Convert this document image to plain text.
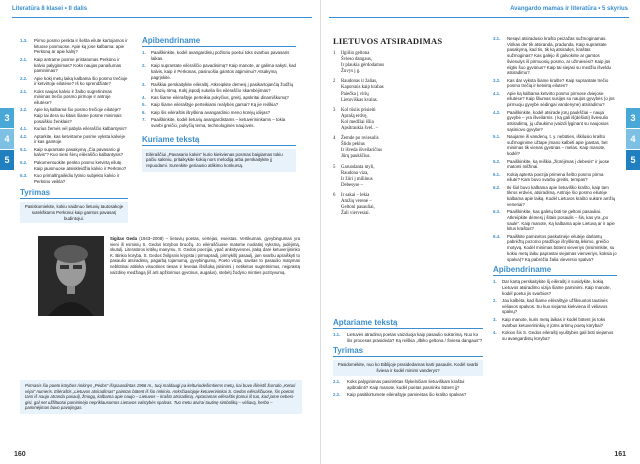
Literatūra 8 klasei • II dalis
3
4
5
1.3.	Pirmo posmo penkta ir šešta eilute kartojamos ir kituose posmuose. Apie ką jose kalbama: apie Perkūną ar apie kalnį?
2.1.	Kaip antrame posme pristatomas Perkūno ir kalvio palyginimas? Koks naujas panašumas paminimas?
2.2.	Apie kokį metų laiką kalbama šio posmo trečioje ir ketvirtoje eilutėse? Iš ko sprendžiate?
3.1.	Koks naujas kalvio ir žaibo sugretinimas minimas trečio posmo pirmoje ir antroje eilutėse?
3.2.	Apie ką kalbama šio posmo trečioje eilutėje? Kaip tai dera su kitais šiame posme minimais posaiškio ženklais?
4.1.	Kurius žemės vėl pabyla eilėraščio kalbantysis?
4.2.	Aptarkite, kas ketvirtame posme vyksta kalvėje ir kas gamtoje.
5.1.	Kaip suprantate pasakymą „Čia pavasario gi kalvis“? Kuo sieni šėrų eilėraščio kalbantysis?
5.2.	Pakomentuokite penkto posmo ketvirtą eilutę. Kaip jausmuose atsiskleidžia kalvio ir Perkūno?
5.3.	Kuo primalti'gailėdiu lytinio subjekto kalvio ir Perkūno veikla?
Tyrimas
Pasiskomiekite, kokiu vaidmuo lietuvių tautosakoje sutekškams Perkūnui kaip gamtos pavasarį budintojui.
Apibendriname
1.	Paaiškinkite, kodėl avangardinių požiūriu poetui toks svarbus pavasaris laikas.
2.	Kaip suprantate eilėraščio pavadinimą? Kaip manote, ar galima sakyti, kad kalvis, kaip ir Perkūnas, pasiruošia gamtos atgimimui? Atsakymą pagrįskite.
3.	Raiškiai perskaitykite eilėraštį. Atkreipkite dėmesį į pasikartojančią žodžių ir frazių ritmą. Kokį įspūdį sukelia šis eilėraščio skambėjimas?
4.	Kas šiame eilėraštyje perteikia pokyčius, greitį, apskritai dinamiškumą?
5.	Kaip šiame eilėraštyje perteikiami realybės garsai? Ką jie reiškia?
6.	Kaip šis eilėraštis išryškina avangardinio meno kūrėjų idėjas?
7.	Paaiškinkite, kodėl lietuvių avangardistams – ketuverininkams – tokia svarbi greičio, pokyčių tema, technologinės naujovės.
Kuriame tekstą
Eilėraščiui „Pavasario kalvis“ kurio kiekvienas posmas baigiamas tokiu pačiu sakiniu, pritaikykite kokią nors melodiją arba perskaitykite jį repuodami. Surenkite geriausio atlikimo konkursą.

Sigitas Geda (1943–2008) – lietuvių poetas, vertėjas, eseistas. Vertikumas, gyvybingumas yra vieni iš esminių S. Gedos kūrybos bruožų. Jo eilėraščiuose matome nuolatinį vyksmą, judėjimą, skutulį. Literatūros kritikų manymu, S. Gedos poezijai, ypač ankstyvesnei, įtaką darė ketuverijininko K. Binkio kūryba. S. Gedos žvilgsnis krypsta į pirmapradį, pirmykštį pasaulį, jam svarbu apraiškyti to pasaulio atsiradimą, pagarbą tojamumą, gyvybingumą. Poeto vizija, savitas to pasaulio matymas neblūtinai atitinka visuotines tiesas ir leveiaa išsišoką įsitiinimi į netikėtus sugretinimus, neįprastą vaizdinę medžiagą (iš arti apžiūrimus gyvūnus, augalus), stebėtį žodyno minties pozityvumą.

Pirmasis šio poeto kūrybos rinkinys „Pėdos“ išspausdintas 1966 m., tuoj maldaugi pa kelturiodešimtiems metų, kai buvo išleistš žurnalo „Keturi vėjai“ numeris. Eilėraštis „Lietuvos atsiradimas“ paimtas būtent iš šio rinkinio. Anksčiasiojoje ketuverininkai S. Gedos eilėraščiuose, šis poetas tarsi iš naujo atranda pasaulį, žmogų, kalbama apie naujo – Lietuvos – krašto atsiradimą. Aptariamas eilėraštis jtomui iš tuo, kad jame nebesi-gisi, gal net užfiltuotai pamininėjo nepriklausomos Lietuvos valstybės spalvas. Tuo metu atvirai tautinę simboliką – vėliavą, herbo – paminėjimas buvo pavojingas.
160
Avangardo mamas ir literatūra • 5 skyrius
3
4
5
LIETUVOS ATSIRADIMAS
1	Ilgiilio geltona
Švieso dangaus,
Ir plaukia gėrdodamos
Žuvys į g.
2	Raudonas ir žalias,
Kaporsnis kaip krabas
Paiečka į virių
Lietuviškas kvalas.
3	Kol rūsiis prisieiti
Aprašą erdvę,
Kol medžiai išlia
Apsitraukia švel.. –
4	Žemde po nviesulis
Šlido peklus
Ir išveda išveilaričius
Jūrų paukščius.
5	Garuodanta myli,
Raudona viza,
Ir žiiri į miliinus
Debesyse –
6	Ir sakai – lekia
Amžių verenė –
Geltoni pasauliai,
Žali viervesiai.
Aptariame tekstą
1.1.	Lietuvės atradimą poetas vaizduoja kaip pasaulio sukūrimą. Nuo ko šis procesas prasideda? Ką reiškia „Ilbiko geltona / Šviesa dangaus“?
Tyrimas
Pasidomėkite, nuo ko Biblijoje prasidedamas karti pasaulis. Kodėl svarbi šviesa ir kodėl minimi vanderys?
2.1.	Koks palyginimas pasirinktas šlykelnčiam lietuviškam kraštui apibūdinti? Kaip manote, kodėl poetas pasirinko būtent jį?
2.2.	Kaip pasitikirtumete eilėraštyje paminėtas šio krašto spalvas?
3.1.	Nesąvi atsiradusio krašto peizažas sužmoginamas. Virikas der tik atsiranda, pradunda. Kaip suprantate pasakymą, kad tis, tik ką atsiradęs, kraštas sužmoginas? Kas galėjo iš galvokrite ar gamtos šviesulys iš pirmuosių posmo, ar užmiesėsi? Kaip jūs elgtis šuo gyvūnus? Kaip tai siejasi su medžiu išveldu atsiradimu?
3.2.	Kas dar vyksta šiame krašte? Kaip suprantate trečio posmo trečią ir ketvirtą eilutes?
4.1.	Apie ką kalbama ketvirto posmo pirmose dviejose eilutėse? Kaip šliumas susijęs su naujos gyvybės (o jūs pirmuoju gyvybė sėdingai vandenyne) atsiradimu?
4.2.	Paaiškinkite, kodėl atsirade jūrų paukščiai – nauja gyvybė – yra išveilarnis. Į ką gali iš(dėšioti) šviesulio atsiradimą, jų užaukimo įvaizdi lyginant su naujosios sąsiniovo gyvybe?
5.1.	Naujame iš vandenų, t. y. nebūties, iškilusio krašto sužmoginime užtape įmano kalbėti apie įpastas, bet minimas tik vienas gyvūnas – melas. Kaip manote, kodėl?
5.2.	Paaiškinkite, ką reiškia „žiūrėjimas į debesis“ ir juose matomi milžinai.
6.1.	Kokią apterta poezija primena šešto posmo pirma eilutė? Kam buvo svarbu greitis, tempas?
6.2.	Iki šiol buvo kalbama apie lietuviško krašto, kaip tam tikros erdvės, atsiradimą. Antroje šio posmo eilutėje kalbama apie laiką. Kodėl Lietuvos krašto sukūrė amžių veneriai?
6.3.	Paaiškinkite, kas galėtų būti tie geltoni pasauliai. Atkreipkite dėmesį į šitais posaulis – šis, kas yra „po saule“. Kaip manote, Ką kalbama apie Lietuvą ar ir apie kitus kraštus?
6.4.	Paaiškite paminėtos paskutinėje eilutėje darlantų pabrėžtų pozomo pradžioje išryškintą lėkimo, greičio motyvą. Kodėl minimas būtent vieveriys (nisiminkite, su kokiu metų laiku paprastai siejamas vienveriys, koksia jo spalva)? Ką pabrėžia žalia vieversio spalva?
Apibendriname
1.	Dar kartą perskaitykite šį eilėraštį ir susidykite, kokią Lietuvos atsiradimo vizija šiame paminimi. Kaip manote, kodėl poetui jis svarbios?
2.	Jau kalbėta, kad šiame eilėraštyje užfiksuotos tautinės vėliavos spalvos. Su kuo siejama kiekviena iš vėliavos spalvų?
3.	Kaip manote, kuris metų laikas ir kodėl būtent jis toks svarbus ketuverininkių ir jūms artimų poetų kūrybai?
4.	Kokios šis S. Gedos eilėraštį vyuštybės gali būti siejamos su avangardistų kūryba?
161
